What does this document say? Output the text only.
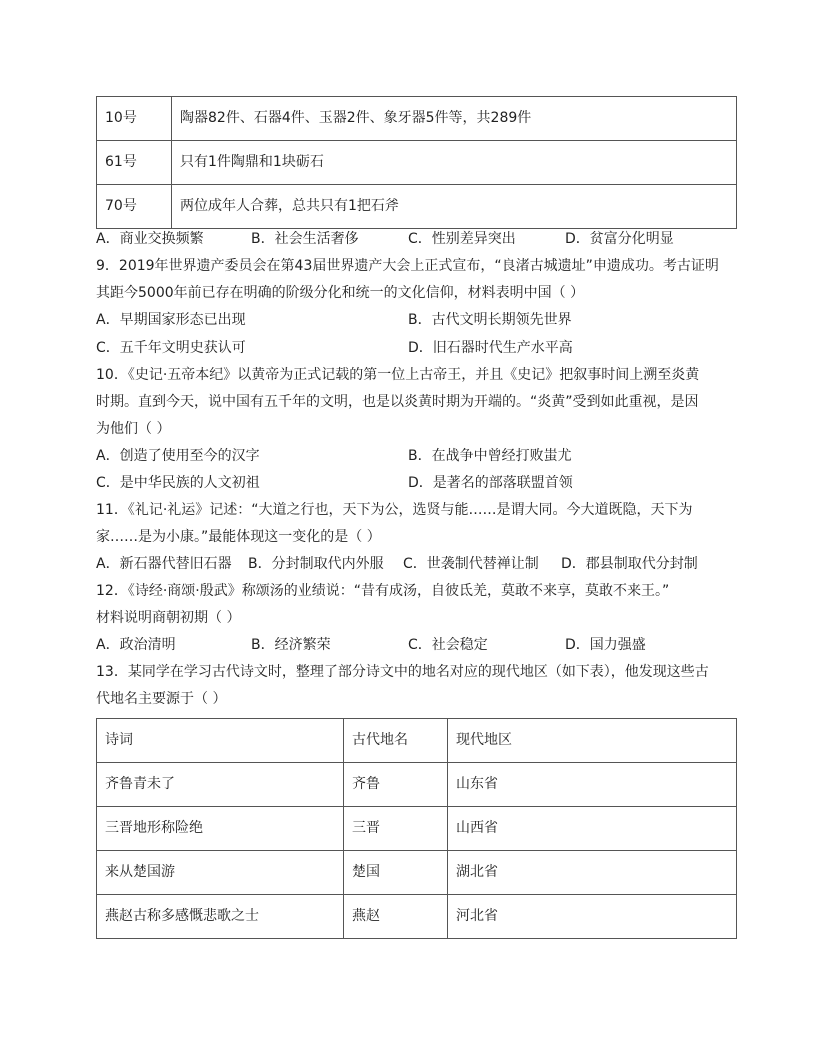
10号	陶器82件、石器4件、玉器2件、象牙器5件等，共289件
61号	只有1件陶鼎和1块砺石
70号	两位成年人合葬，总共只有1把石斧
A．商业交换频繁	B．社会生活奢侈	C．性别差异突出	D．贫富分化明显
9．2019年世界遗产委员会在第43届世界遗产大会上正式宣布，“良渚古城遗址”申遗成功。考古证明
其距今5000年前已存在明确的阶级分化和统一的文化信仰，材料表明中国（ ）
A．早期国家形态已出现	B．古代文明长期领先世界
C．五千年文明史获认可	D．旧石器时代生产水平高
10．《史记·五帝本纪》以黄帝为正式记载的第一位上古帝王，并且《史记》把叙事时间上溯至炎黄
时期。直到今天，说中国有五千年的文明，也是以炎黄时期为开端的。“炎黄”受到如此重视，是因
为他们（ ）
A．创造了使用至今的汉字	B．在战争中曾经打败蚩尤
C．是中华民族的人文初祖	D．是著名的部落联盟首领
11．《礼记·礼运》记述：“大道之行也，天下为公，选贤与能……是谓大同。今大道既隐，天下为
家……是为小康。”最能体现这一变化的是（ ）
A．新石器代替旧石器 B．分封制取代内外服 C．世袭制代替禅让制 D．郡县制取代分封制
12．《诗经·商颂·殷武》称颂汤的业绩说：“昔有成汤，自彼氐羌，莫敢不来享，莫敢不来王。”
材料说明商朝初期（ ）
A．政治清明	B．经济繁荣	C．社会稳定	D．国力强盛
13．某同学在学习古代诗文时，整理了部分诗文中的地名对应的现代地区（如下表），他发现这些古
代地名主要源于（ ）
诗词	古代地名	现代地区
齐鲁青未了	齐鲁	山东省
三晋地形称险绝	三晋	山西省
来从楚国游	楚国	湖北省
燕赵古称多感慨悲歌之士	燕赵	河北省
